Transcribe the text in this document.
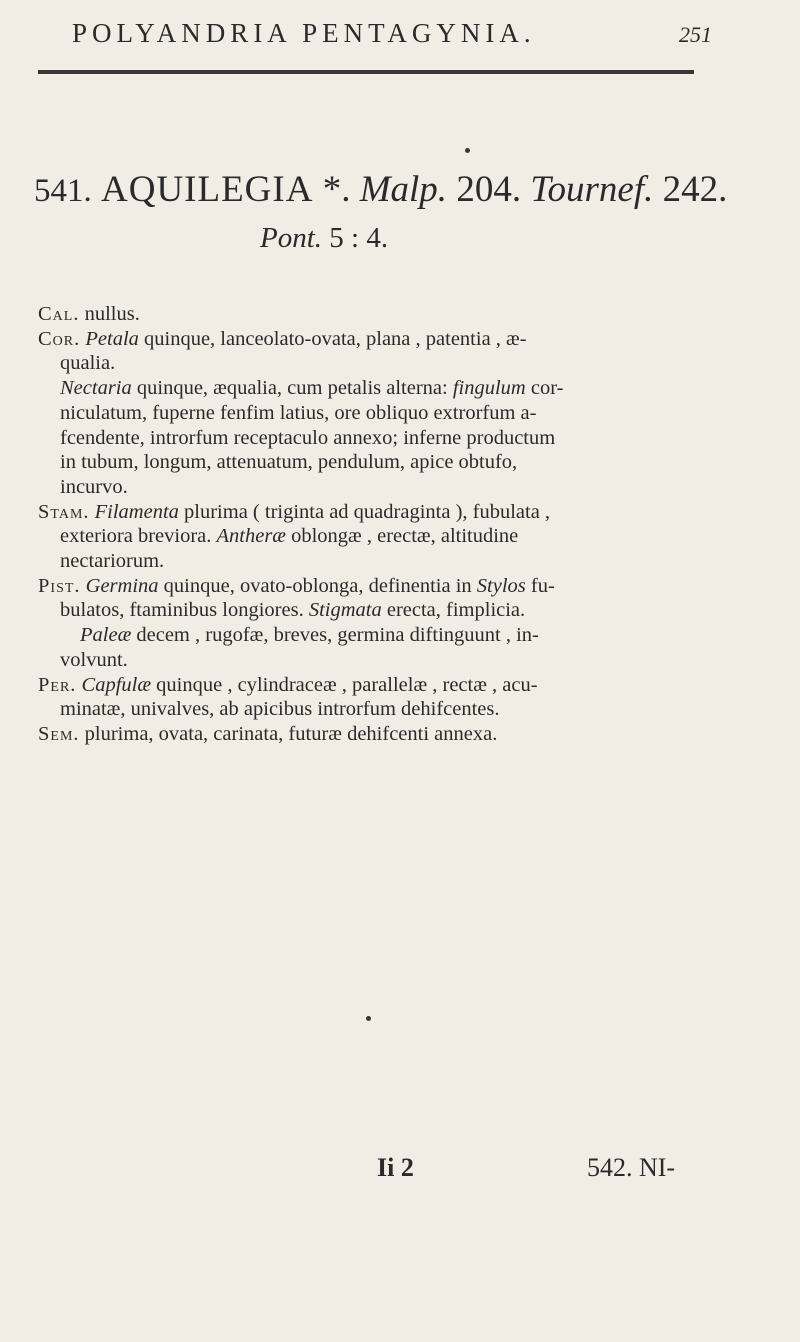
POLYANDRIA PENTAGYNIA.	251
541. AQUILEGIA *. Malp. 204. Tournef. 242.
Pont. 5 : 4.
Cal. nullus.
Cor. Petala quinque, lanceolato-ovata, plana , patentia , æ-
qualia.
Nectaria quinque, æqualia, cum petalis alterna: fingulum cor-
niculatum, fuperne fenfim latius, ore obliquo extrorfum a-
fcendente, introrfum receptaculo annexo; inferne productum
in tubum, longum, attenuatum, pendulum, apice obtufo,
incurvo.
Stam. Filamenta plurima ( triginta ad quadraginta ), fubulata ,
exteriora breviora. Antheræ oblongæ , erectæ, altitudine
nectariorum.
Pist. Germina quinque, ovato-oblonga, definentia in Stylos fu-
bulatos, ftaminibus longiores. Stigmata erecta, fimplicia.
Paleæ decem , rugofæ, breves, germina diftinguunt , in-
volvunt.
Per. Capfulæ quinque , cylindraceæ , parallelæ , rectæ , acu-
minatæ, univalves, ab apicibus introrfum dehifcentes.
Sem. plurima, ovata, carinata, futuræ dehifcenti annexa.
Ii 2	542. NI-
